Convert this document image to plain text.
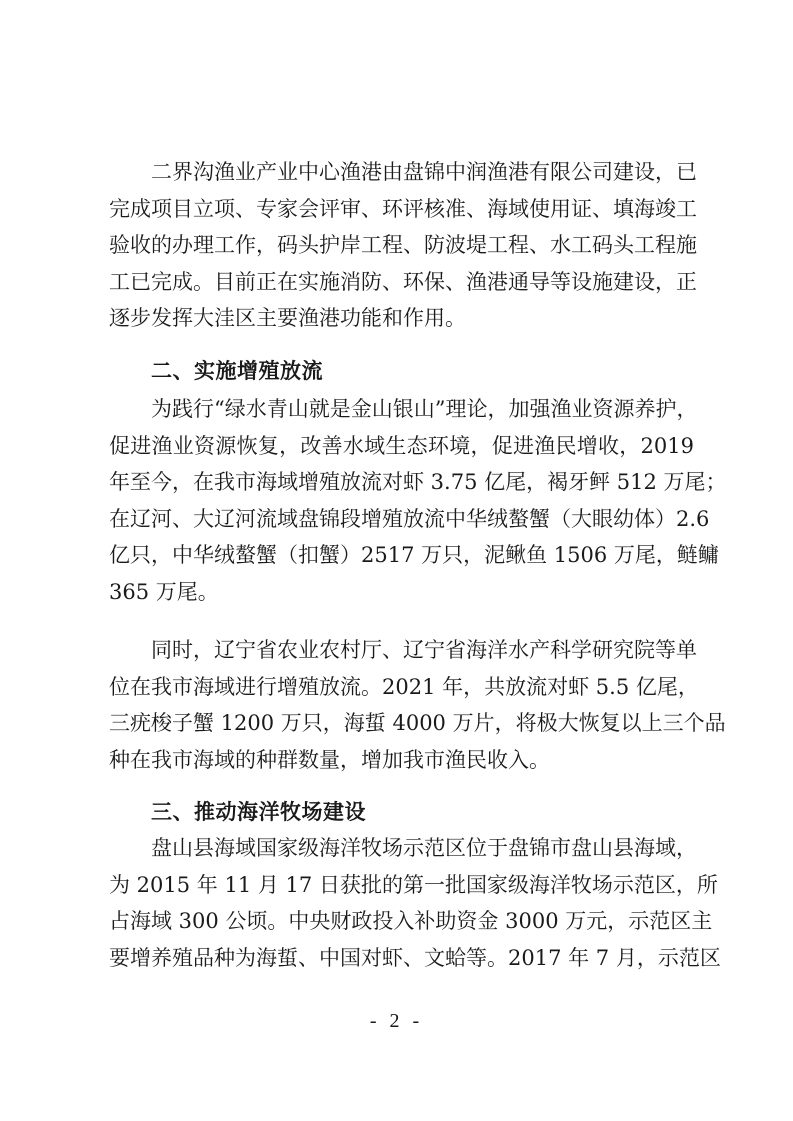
二界沟渔业产业中心渔港由盘锦中润渔港有限公司建设，已
完成项目立项、专家会评审、环评核准、海域使用证、填海竣工
验收的办理工作，码头护岸工程、防波堤工程、水工码头工程施
工已完成。目前正在实施消防、环保、渔港通导等设施建设，正
逐步发挥大洼区主要渔港功能和作用。
二、实施增殖放流
为践行“绿水青山就是金山银山”理论，加强渔业资源养护，
促进渔业资源恢复，改善水域生态环境，促进渔民增收，2019
年至今，在我市海域增殖放流对虾 3.75 亿尾，褐牙鲆 512 万尾；
在辽河、大辽河流域盘锦段增殖放流中华绒螯蟹（大眼幼体）2.6
亿只，中华绒螯蟹（扣蟹）2517 万只，泥鳅鱼 1506 万尾，鲢鳙
365 万尾。
同时，辽宁省农业农村厅、辽宁省海洋水产科学研究院等单
位在我市海域进行增殖放流。2021 年，共放流对虾 5.5 亿尾，
三疣梭子蟹 1200 万只，海蜇 4000 万片，将极大恢复以上三个品
种在我市海域的种群数量，增加我市渔民收入。
三、推动海洋牧场建设
盘山县海域国家级海洋牧场示范区位于盘锦市盘山县海域，
为 2015 年 11 月 17 日获批的第一批国家级海洋牧场示范区，所
占海域 300 公顷。中央财政投入补助资金 3000 万元，示范区主
要增养殖品种为海蜇、中国对虾、文蛤等。2017 年 7 月，示范区
- 2 -
